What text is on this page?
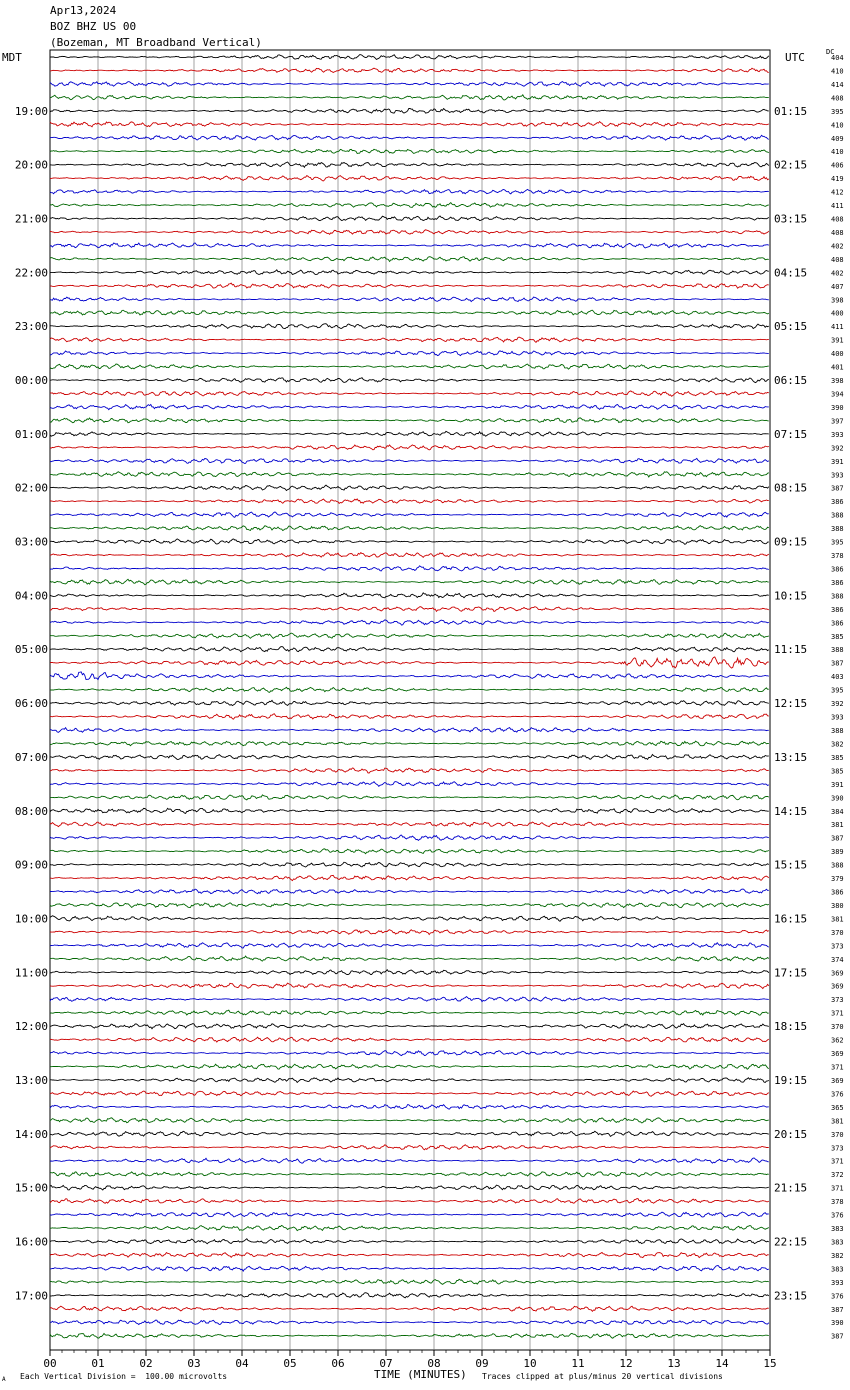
404
410
414
408
395
410
409
410
406
419
412
411
408
408
402
408
402
407
398
400
411
391
400
401
398
394
390
397
393
392
391
393
387
386
388
388
395
378
386
386
388
386
386
385
388
387
403
395
392
393
388
382
385
385
391
390
384
381
387
389
388
379
386
380
381
370
373
374
369
369
373
371
370
362
369
371
369
376
365
381
370
373
371
372
371
378
376
383
383
382
383
393
376
387
390
387
19:00
20:00
21:00
22:00
23:00
00:00
01:00
02:00
03:00
04:00
05:00
06:00
07:00
08:00
09:00
10:00
11:00
12:00
13:00
14:00
15:00
16:00
17:00
01:15
02:15
03:15
04:15
05:15
06:15
07:15
08:15
09:15
10:15
11:15
12:15
13:15
14:15
15:15
16:15
17:15
18:15
19:15
20:15
21:15
22:15
23:15
00	01	02	03	04	05	06	07	08	09	10	11	12	13	14	15
Apr13,2024
BOZ BHZ US 00
(Bozeman, MT Broadband Vertical)
MDT	UTC	DC
TIME (MINUTES)
A Each Vertical Division =  100.00 microvolts	Traces clipped at plus/minus 20 vertical divisions
